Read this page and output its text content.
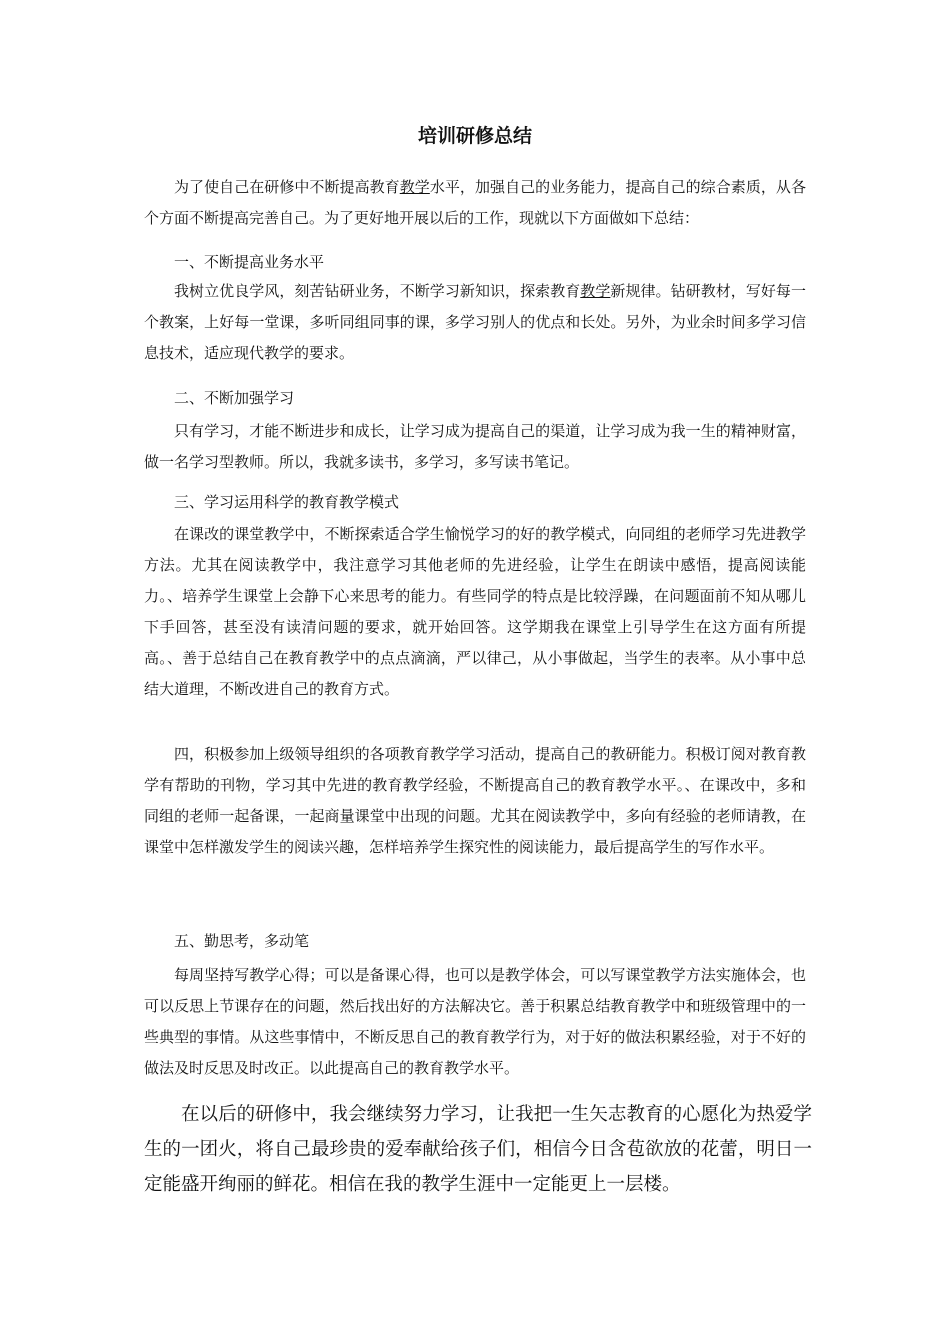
培训研修总结

为了使自己在研修中不断提高教育教学水平，加强自己的业务能力，提高自己的综合素质，从各个方面不断提高完善自己。为了更好地开展以后的工作，现就以下方面做如下总结：

一、不断提高业务水平

我树立优良学风，刻苦钻研业务，不断学习新知识，探索教育教学新规律。钻研教材，写好每一个教案，上好每一堂课，多听同组同事的课，多学习别人的优点和长处。另外，为业余时间多学习信息技术，适应现代教学的要求。

二、不断加强学习

只有学习，才能不断进步和成长，让学习成为提高自己的渠道，让学习成为我一生的精神财富，做一名学习型教师。所以，我就多读书，多学习，多写读书笔记。

三、学习运用科学的教育教学模式

在课改的课堂教学中，不断探索适合学生愉悦学习的好的教学模式，向同组的老师学习先进教学方法。尤其在阅读教学中，我注意学习其他老师的先进经验，让学生在朗读中感悟，提高阅读能力。、培养学生课堂上会静下心来思考的能力。有些同学的特点是比较浮躁，在问题面前不知从哪儿下手回答，甚至没有读清问题的要求，就开始回答。这学期我在课堂上引导学生在这方面有所提高。、善于总结自己在教育教学中的点点滴滴，严以律己，从小事做起，当学生的表率。从小事中总结大道理，不断改进自己的教育方式。

四，积极参加上级领导组织的各项教育教学学习活动，提高自己的教研能力。积极订阅对教育教学有帮助的刊物，学习其中先进的教育教学经验，不断提高自己的教育教学水平。、在课改中，多和同组的老师一起备课，一起商量课堂中出现的问题。尤其在阅读教学中，多向有经验的老师请教，在课堂中怎样激发学生的阅读兴趣，怎样培养学生探究性的阅读能力，最后提高学生的写作水平。

五、勤思考，多动笔

每周坚持写教学心得；可以是备课心得，也可以是教学体会，可以写课堂教学方法实施体会，也可以反思上节课存在的问题，然后找出好的方法解决它。善于积累总结教育教学中和班级管理中的一些典型的事情。从这些事情中，不断反思自己的教育教学行为，对于好的做法积累经验，对于不好的做法及时反思及时改正。以此提高自己的教育教学水平。

在以后的研修中，我会继续努力学习，让我把一生矢志教育的心愿化为热爱学生的一团火，将自己最珍贵的爱奉献给孩子们，相信今日含苞欲放的花蕾，明日一定能盛开绚丽的鲜花。相信在我的教学生涯中一定能更上一层楼。
